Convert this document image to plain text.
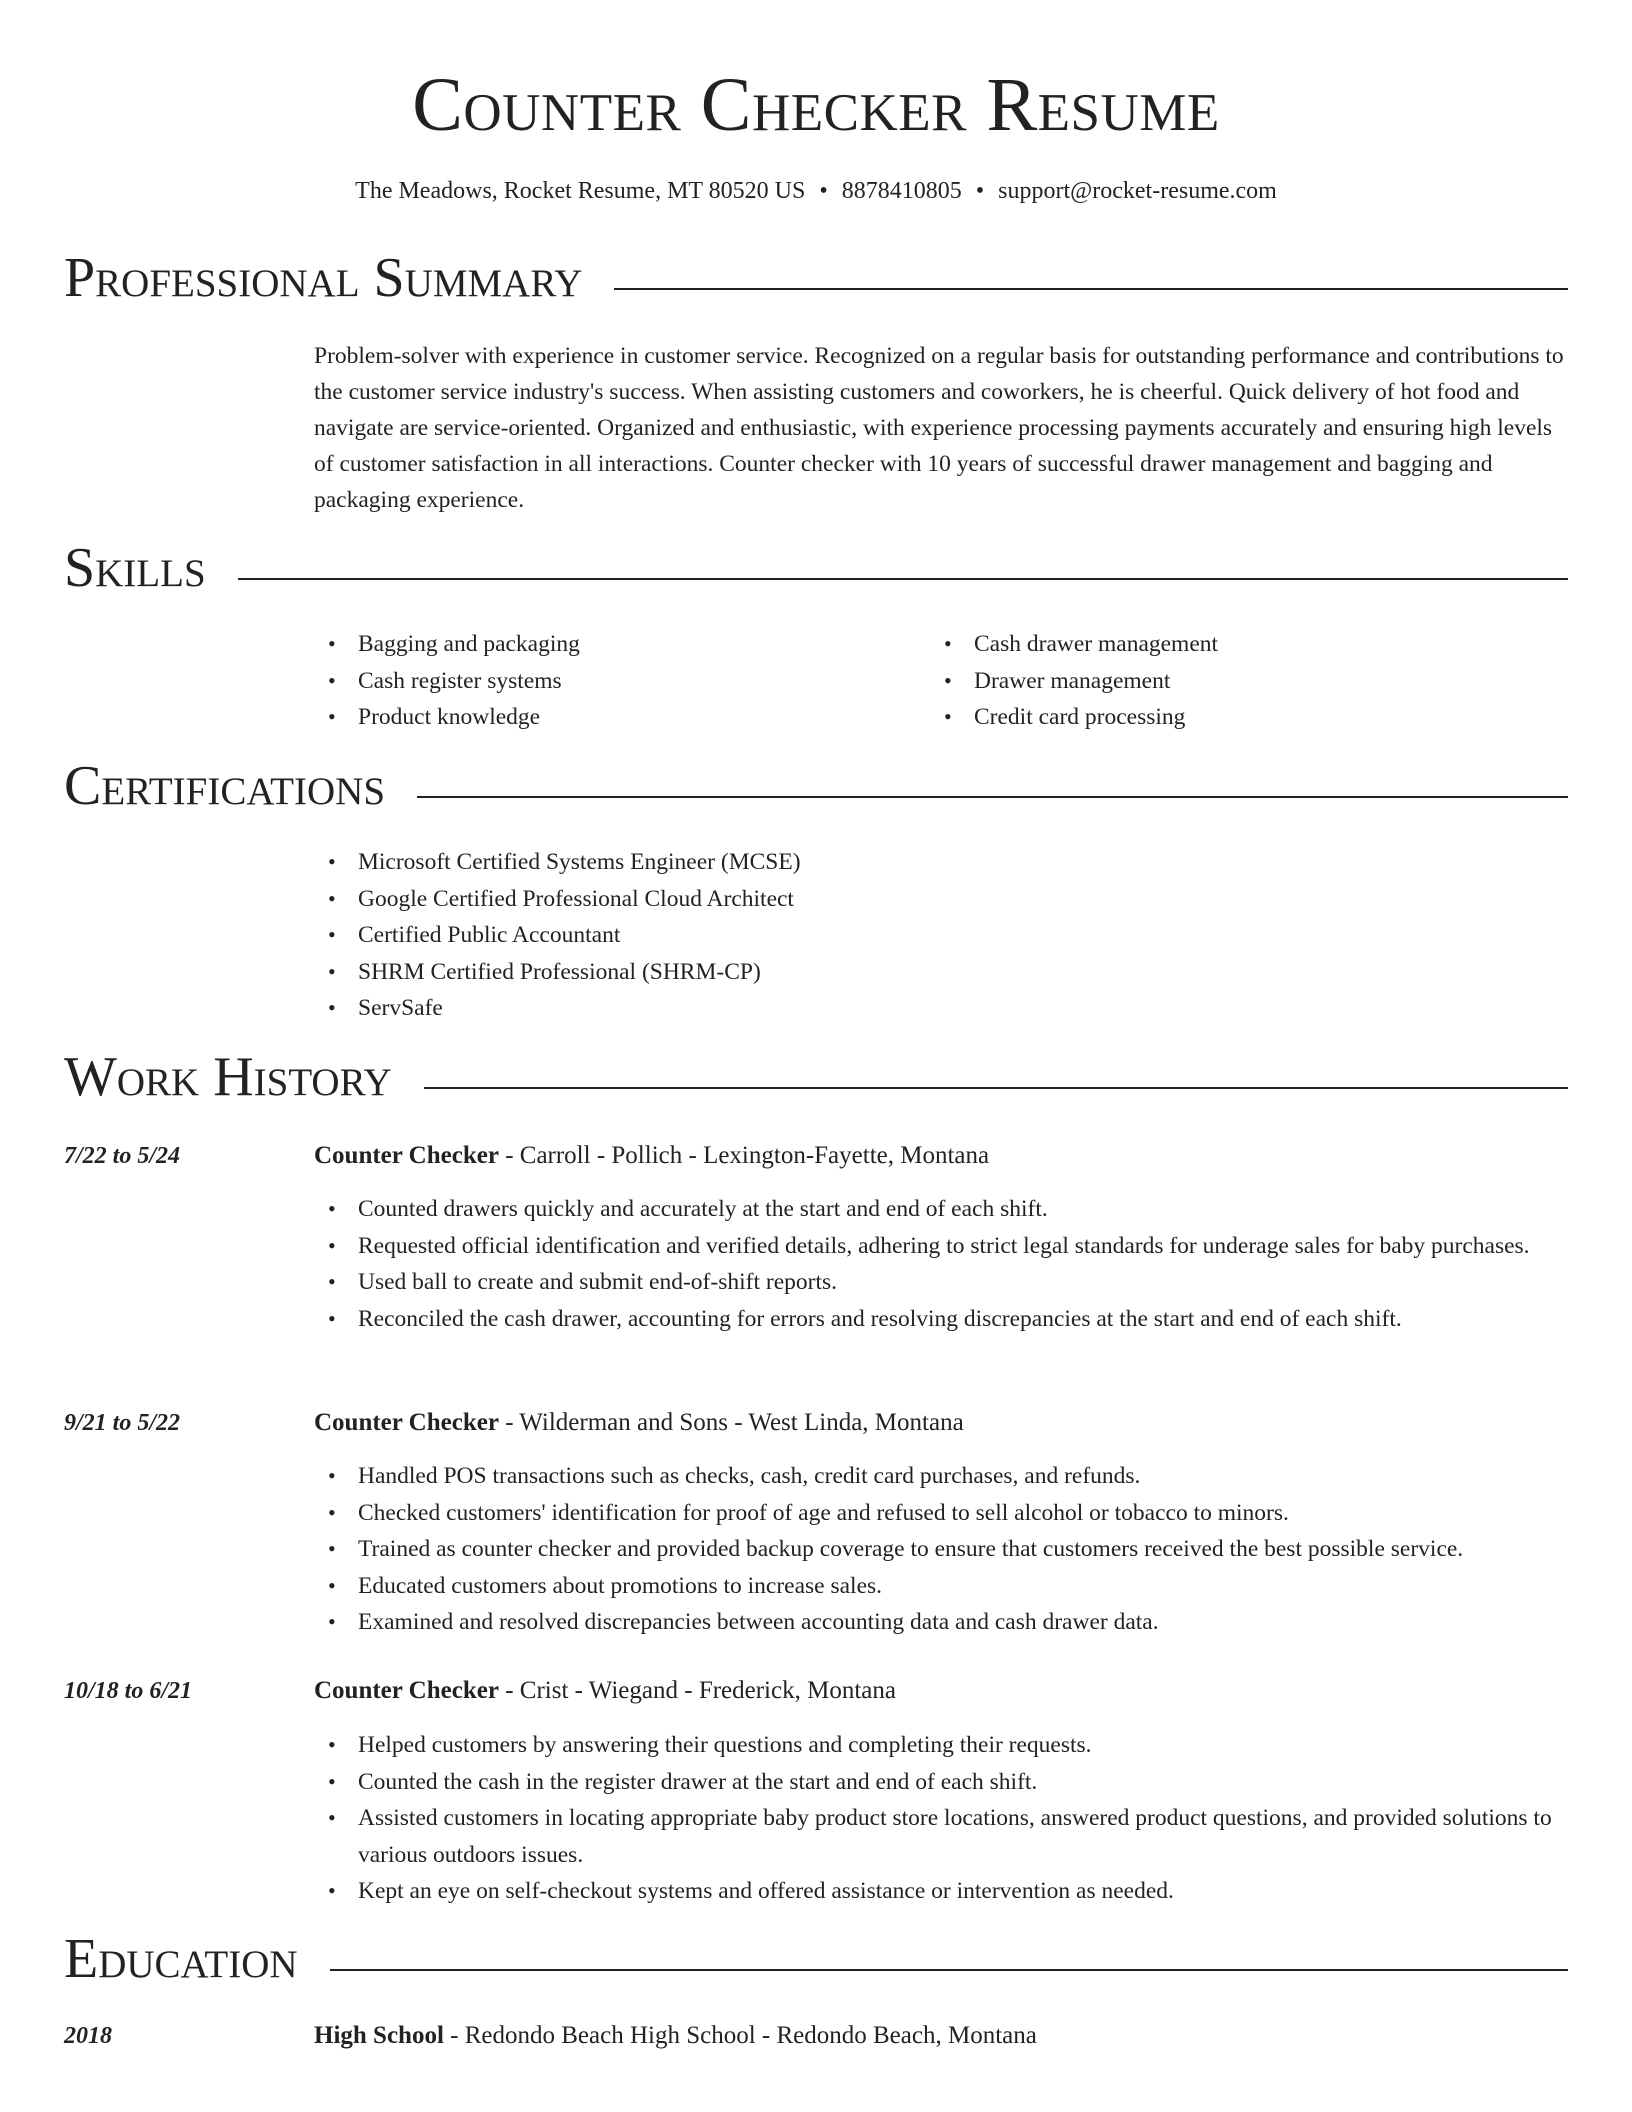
Counter Checker Resume
The Meadows, Rocket Resume, MT 80520 US • 8878410805 • support@rocket-resume.com
Professional Summary
Problem-solver with experience in customer service. Recognized on a regular basis for outstanding performance and contributions to the customer service industry's success. When assisting customers and coworkers, he is cheerful. Quick delivery of hot food and navigate are service-oriented. Organized and enthusiastic, with experience processing payments accurately and ensuring high levels of customer satisfaction in all interactions. Counter checker with 10 years of successful drawer management and bagging and packaging experience.
Skills
• Bagging and packaging
• Cash register systems
• Product knowledge
• Cash drawer management
• Drawer management
• Credit card processing
Certifications
• Microsoft Certified Systems Engineer (MCSE)
• Google Certified Professional Cloud Architect
• Certified Public Accountant
• SHRM Certified Professional (SHRM-CP)
• ServSafe
Work History
7/22 to 5/24	Counter Checker - Carroll - Pollich - Lexington-Fayette, Montana
• Counted drawers quickly and accurately at the start and end of each shift.
• Requested official identification and verified details, adhering to strict legal standards for underage sales for baby purchases.
• Used ball to create and submit end-of-shift reports.
• Reconciled the cash drawer, accounting for errors and resolving discrepancies at the start and end of each shift.
9/21 to 5/22	Counter Checker - Wilderman and Sons - West Linda, Montana
• Handled POS transactions such as checks, cash, credit card purchases, and refunds.
• Checked customers' identification for proof of age and refused to sell alcohol or tobacco to minors.
• Trained as counter checker and provided backup coverage to ensure that customers received the best possible service.
• Educated customers about promotions to increase sales.
• Examined and resolved discrepancies between accounting data and cash drawer data.
10/18 to 6/21	Counter Checker - Crist - Wiegand - Frederick, Montana
• Helped customers by answering their questions and completing their requests.
• Counted the cash in the register drawer at the start and end of each shift.
• Assisted customers in locating appropriate baby product store locations, answered product questions, and provided solutions to various outdoors issues.
• Kept an eye on self-checkout systems and offered assistance or intervention as needed.
Education
2018	High School - Redondo Beach High School - Redondo Beach, Montana
